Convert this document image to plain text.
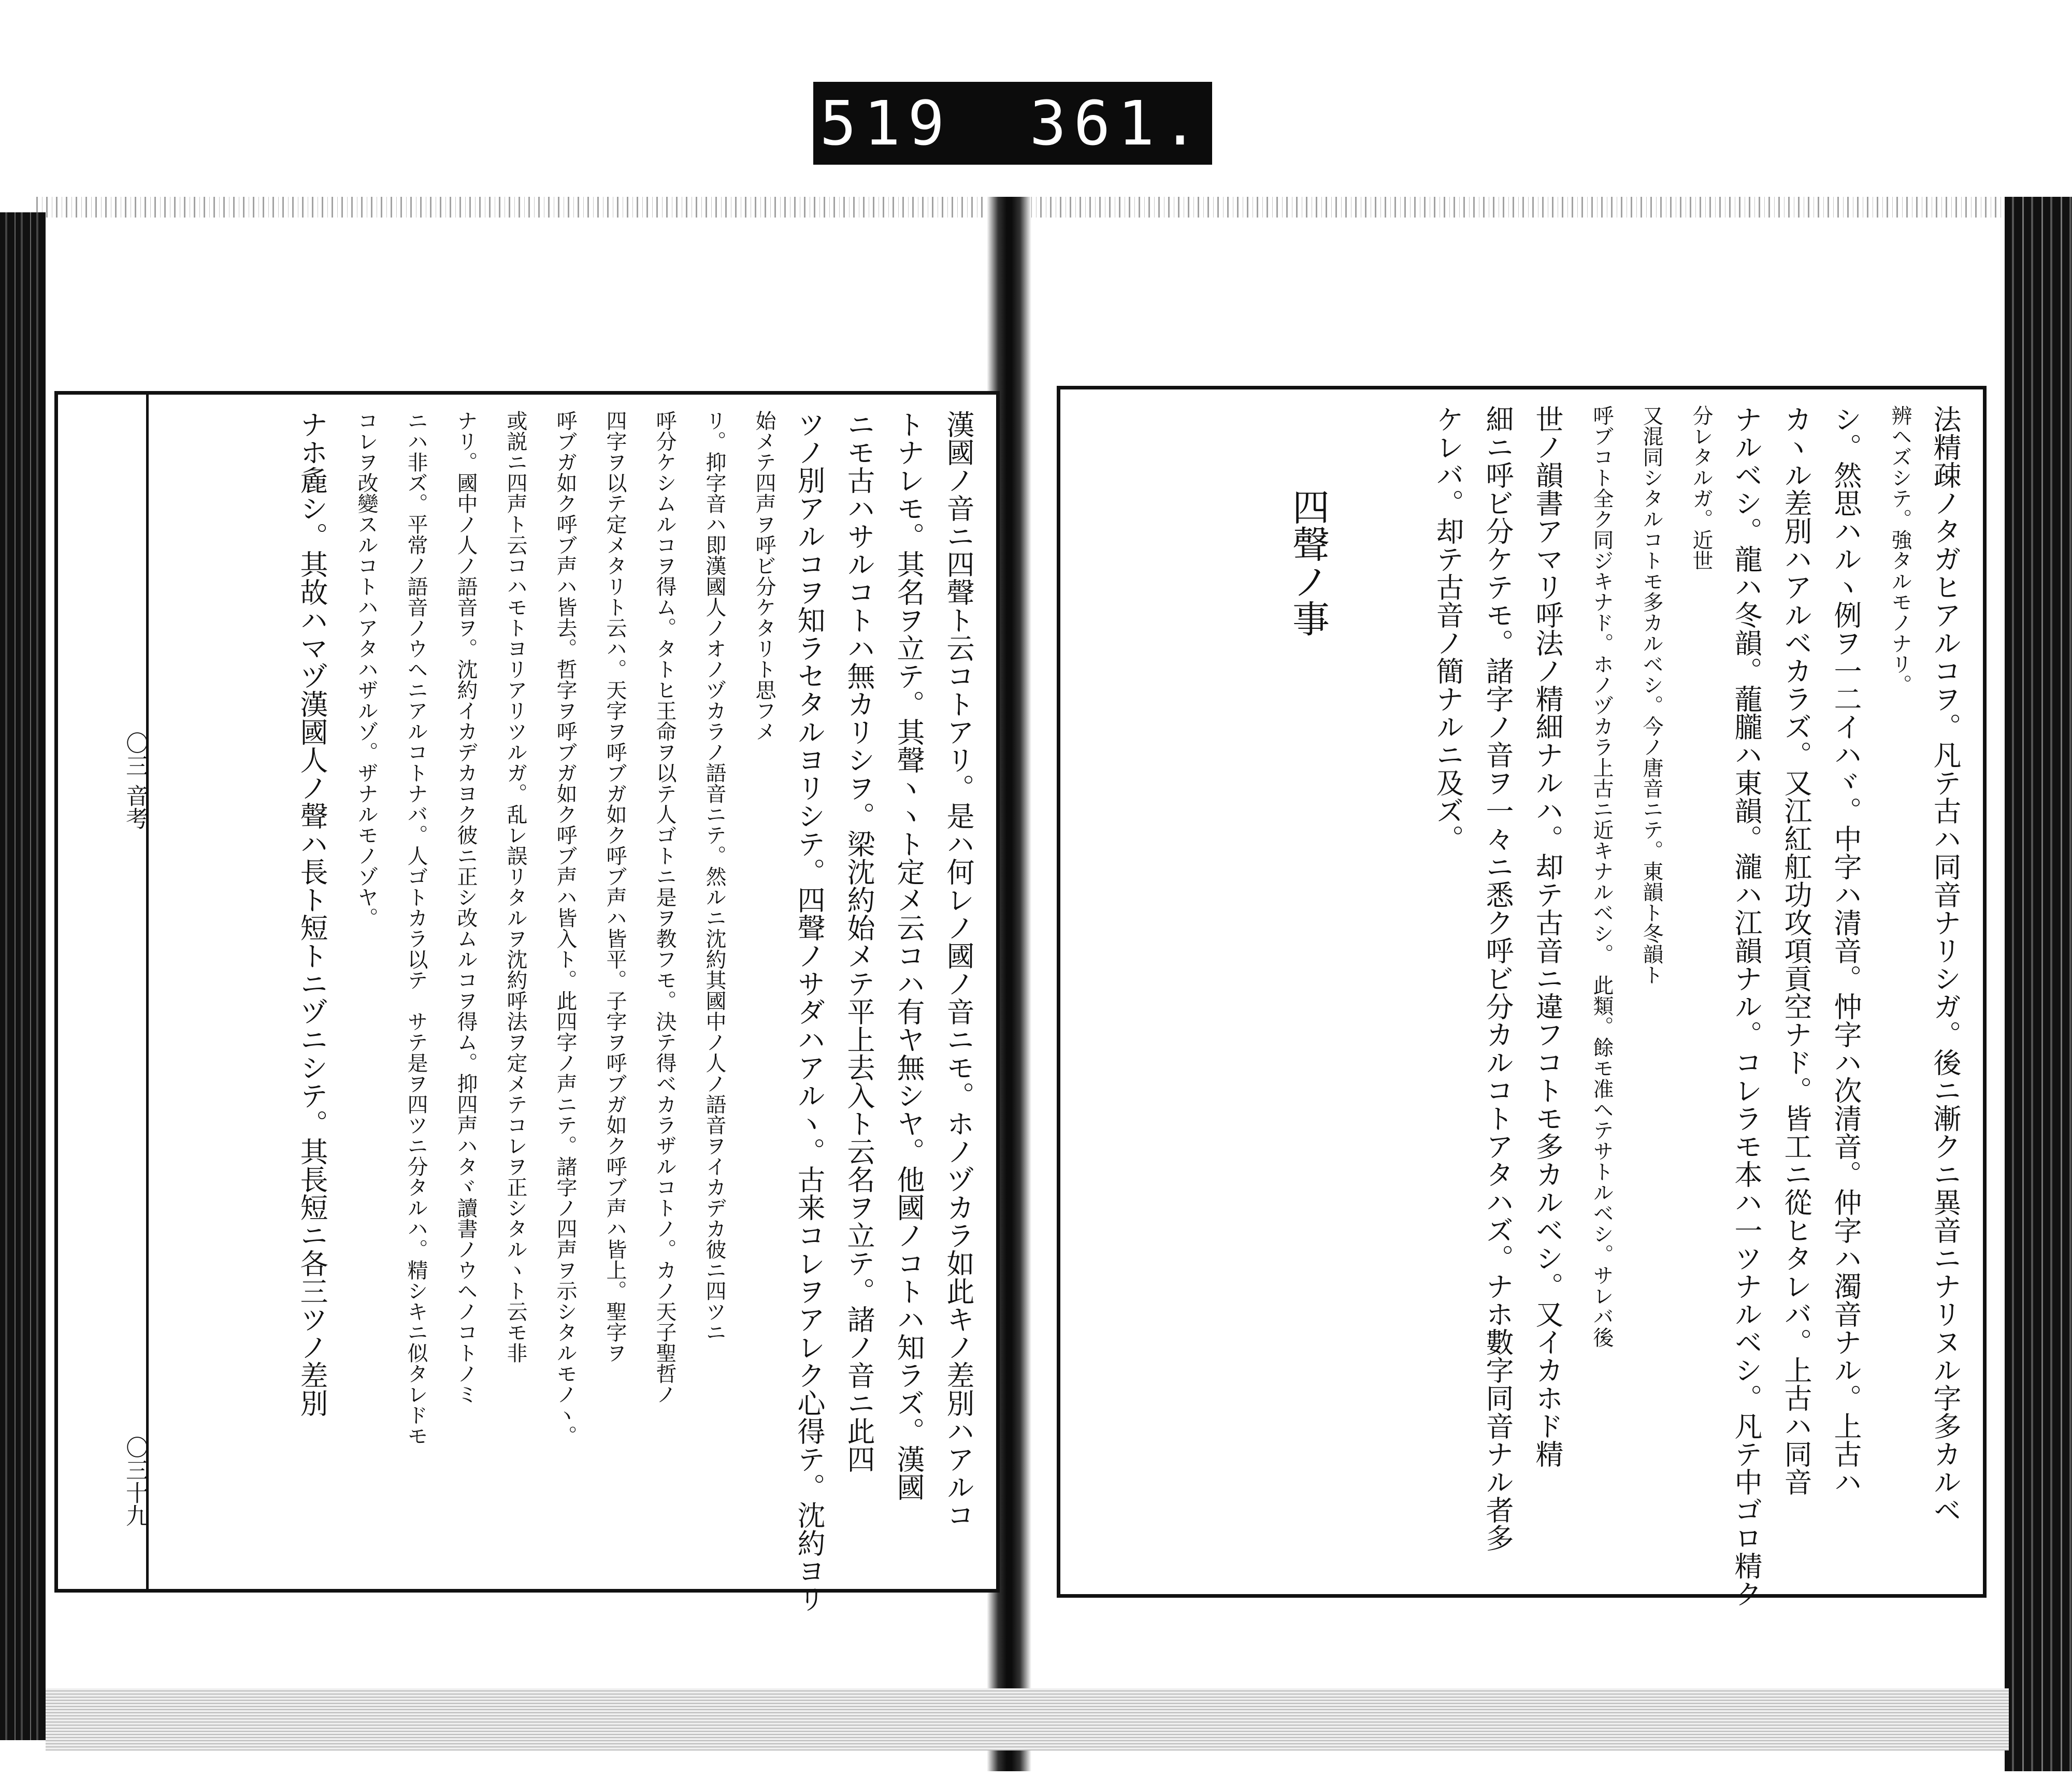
519 361.
〇三 音考
〇三十九	漢國ノ音ニ四聲ト云コトアリ。是ハ何レノ國ノ音ニモ。ホノヅカラ如此キノ差別ハアルコ
トナレモ。其名ヲ立テ。其聲ヽヽト定メ云コハ有ヤ無シヤ。他國ノコトハ知ラズ。漢國
ニモ古ハサルコトハ無カリシヲ。梁沈約始メテ平上去入ト云名ヲ立テ。諸ノ音ニ此四
ツノ別アルコヲ知ラセタルヨリシテ。四聲ノサダハアルヽ。古来コレヲアレク心得テ。沈約ヨリ
始メテ四声ヲ呼ビ分ケタリト思フメ
リ。抑字音ハ即漢國人ノオノヅカラノ語音ニテ。然ルニ沈約其國中ノ人ノ語音ヲイカデカ彼ニ四ツニ
呼分ケシムルコヲ得ム。タトヒ王命ヲ以テ人ゴトニ是ヲ教フモ。決テ得ベカラザルコトノ。カノ天子聖哲ノ
四字ヲ以テ定メタリト云ハ。天字ヲ呼ブガ如ク呼ブ声ハ皆平。子字ヲ呼ブガ如ク呼ブ声ハ皆上。聖字ヲ
呼ブガ如ク呼ブ声ハ皆去。哲字ヲ呼ブガ如ク呼ブ声ハ皆入ト。此四字ノ声ニテ。諸字ノ四声ヲ示シタルモノヽ。
或説ニ四声ト云コハモトヨリアリツルガ。乱レ誤リタルヲ沈約呼法ヲ定メテコレヲ正シタルヽト云モ非
ナリ。國中ノ人ノ語音ヲ。沈約イカデカヨク彼ニ正シ改ムルコヲ得ム。抑四声ハタヾ讀書ノウヘノコトノミ
ニハ非ズ。平常ノ語音ノウヘニアルコトナバ。人ゴトカラ以テ　サテ是ヲ四ツニ分タルハ。精シキニ似タレドモ
コレヲ改變スルコトハアタハザルゾ。ザナルモノゾヤ。
ナホ麁シ。其故ハマヅ漢國人ノ聲ハ長ト短トニヅニシテ。其長短ニ各三ツノ差別	法精疎ノタガヒアルコヲ。凡テ古ハ同音ナリシガ。後ニ漸クニ異音ニナリヌル字多カルベ
辨ヘズシテ。強タルモノナリ。
シ。然思ハルヽ例ヲ一二イハヾ。中字ハ清音。忡字ハ次清音。仲字ハ濁音ナル。上古ハ
カヽル差別ハアルベカラズ。又江紅舡功攻項貢空ナド。皆工ニ從ヒタレバ。上古ハ同音
ナルベシ。龍ハ冬韻。蘢朧ハ東韻。瀧ハ江韻ナル。コレラモ本ハ一ツナルベシ。凡テ中ゴロ精ク
分レタルガ。近世
又混同シタルコトモ多カルベシ。今ノ唐音ニテ。東韻ト冬韻ト
呼ブコト全ク同ジキナド。ホノヅカラ上古ニ近キナルベシ。　此類。餘モ准ヘテサトルベシ。サレバ後
世ノ韻書アマリ呼法ノ精細ナルハ。却テ古音ニ違フコトモ多カルベシ。又イカホド精
細ニ呼ビ分ケテモ。諸字ノ音ヲ一々ニ悉ク呼ビ分カルコトアタハズ。ナホ數字同音ナル者多
ケレバ。却テ古音ノ簡ナルニ及ズ。
四聲ノ事
